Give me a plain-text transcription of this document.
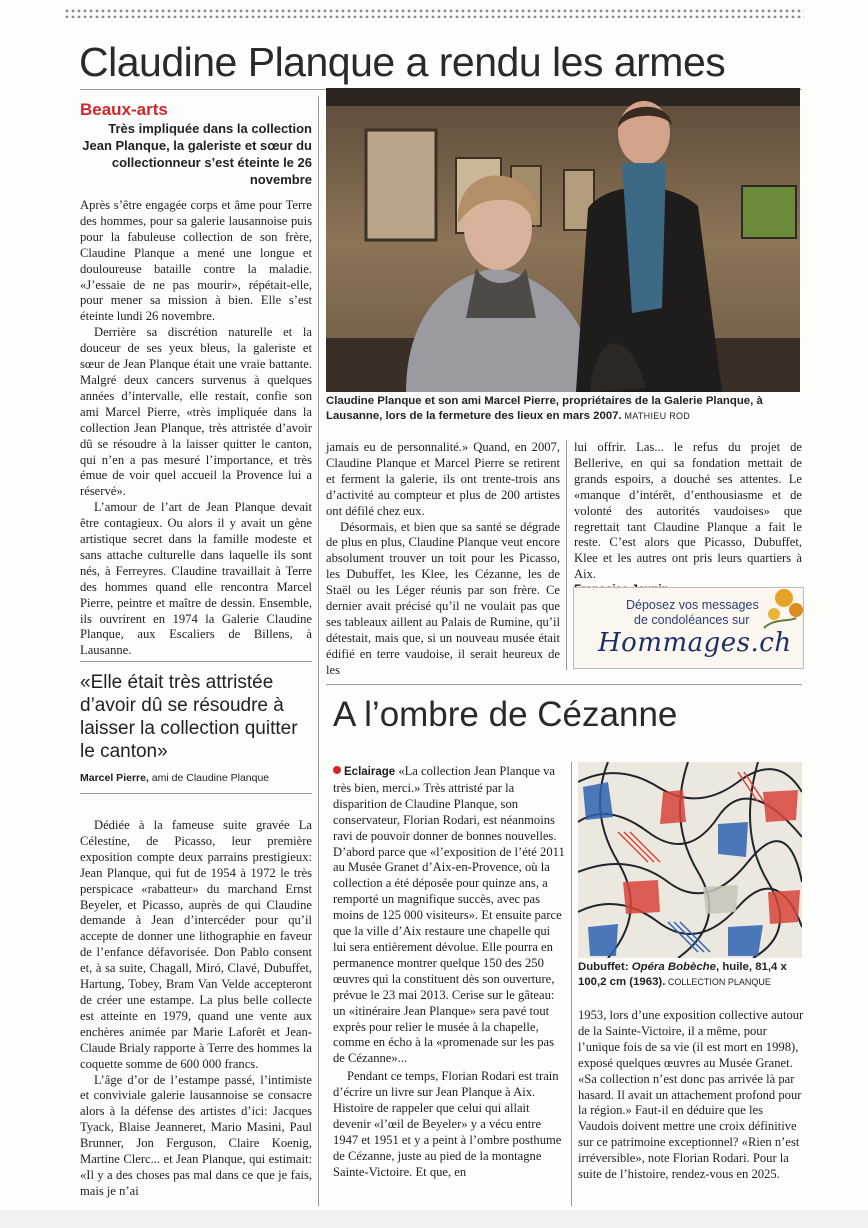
Claudine Planque a rendu les armes
Beaux-arts
Très impliquée dans la collection Jean Planque, la galeriste et sœur du collectionneur s’est éteinte le 26 novembre

Après s’être engagée corps et âme pour Terre des hommes, pour sa galerie lausannoise puis pour la fabuleuse collection de son frère, Claudine Planque a mené une longue et douloureuse bataille contre la maladie. «J’essaie de ne pas mourir», répétait-elle, pour mener sa mission à bien. Elle s’est éteinte lundi 26 novembre.

Derrière sa discrétion naturelle et la douceur de ses yeux bleus, la galeriste et sœur de Jean Planque était une vraie battante. Malgré deux cancers survenus à quelques années d’intervalle, elle restait, confie son ami Marcel Pierre, «très impliquée dans la collection Jean Planque, très attristée d’avoir dû se résoudre à la laisser quitter le canton, qui n’en a pas mesuré l’importance, et très émue de voir quel accueil la Provence lui a réservé».

L’amour de l’art de Jean Planque devait être contagieux. Ou alors il y avait un gène artistique secret dans la famille modeste et sans attache culturelle dans laquelle ils sont nés, à Ferreyres. Claudine travaillait à Terre des hommes quand elle rencontra Marcel Pierre, peintre et maître de dessin. Ensemble, ils ouvrirent en 1974 la Galerie Claudine Planque, aux Escaliers de Billens, à Lausanne.

«Elle était très attristée d’avoir dû se résoudre à laisser la collection quitter le canton»
Marcel Pierre, ami de Claudine Planque

Dédiée à la fameuse suite gravée La Célestine, de Picasso, leur première exposition compte deux parrains prestigieux: Jean Planque, qui fut de 1954 à 1972 le très perspicace «rabatteur» du marchand Ernst Beyeler, et Picasso, auprès de qui Claudine demande à Jean d’intercéder pour qu’il accepte de donner une lithographie en faveur de l’enfance défavorisée. Don Pablo consent et, à sa suite, Chagall, Miró, Clavé, Dubuffet, Hartung, Tobey, Bram Van Velde accepteront de créer une estampe. La plus belle collecte est atteinte en 1979, quand une vente aux enchères animée par Marie Laforêt et Jean-Claude Brialy rapporte à Terre des hommes la coquette somme de 600 000 francs.

L’âge d’or de l’estampe passé, l’intimiste et conviviale galerie lausannoise se consacre alors à la défense des artistes d’ici: Jacques Tyack, Blaise Jeanneret, Mario Masini, Paul Brunner, Jon Ferguson, Claire Koenig, Martine Clerc... et Jean Planque, qui estimait: «Il y a des choses pas mal dans ce que je fais, mais je n’ai

Claudine Planque et son ami Marcel Pierre, propriétaires de la Galerie Planque, à Lausanne, lors de la fermeture des lieux en mars 2007. MATHIEU ROD

jamais eu de personnalité.» Quand, en 2007, Claudine Planque et Marcel Pierre se retirent et ferment la galerie, ils ont trente-trois ans d’activité au compteur et plus de 200 artistes ont défilé chez eux.

Désormais, et bien que sa santé se dégrade de plus en plus, Claudine Planque veut encore absolument trouver un toit pour les Picasso, les Dubuffet, les Klee, les Cézanne, les de Staël ou les Léger réunis par son frère. Ce dernier avait précisé qu’il ne voulait pas que ses tableaux aillent au Palais de Rumine, qu’il détestait, mais que, si un nouveau musée était édifié en terre vaudoise, il serait heureux de les

lui offrir. Las... le refus du projet de Bellerive, en qui sa fondation mettait de grands espoirs, a douché ses attentes. Le «manque d’intérêt, d’enthousiasme et de volonté des autorités vaudoises» que regrettait tant Claudine Planque a fait le reste. C’est alors que Picasso, Dubuffet, Klee et les autres ont pris leurs quartiers à Aix.

Déposez vos messages
de condoléances sur
Hommages.ch
A l’ombre de Cézanne

Eclairage «La collection Jean Planque va très bien, merci.» Très attristé par la disparition de Claudine Planque, son conservateur, Florian Rodari, est néanmoins ravi de pouvoir donner de bonnes nouvelles. D’abord parce que «l’exposition de l’été 2011 au Musée Granet d’Aix-en-Provence, où la collection a été déposée pour quinze ans, a remporté un magnifique succès, avec pas moins de 125 000 visiteurs». Et ensuite parce que la ville d’Aix restaure une chapelle qui lui sera entièrement dévolue. Elle pourra en permanence montrer quelque 150 des 250 œuvres qui la constituent dès son ouverture, prévue le 23 mai 2013. Cerise sur le gâteau: un «itinéraire Jean Planque» sera pavé tout exprès pour relier le musée à la chapelle, comme en écho à la «promenade sur les pas de Cézanne»...

Pendant ce temps, Florian Rodari est train d’écrire un livre sur Jean Planque à Aix. Histoire de rappeler que celui qui allait devenir «l’œil de Beyeler» y a vécu entre 1947 et 1951 et y a peint à l’ombre posthume de Cézanne, juste au pied de la montagne Sainte-Victoire. Et que, en

Dubuffet: Opéra Bobèche, huile, 81,4 x 100,2 cm (1963). COLLECTION PLANQUE

1953, lors d’une exposition collective autour de la Sainte-Victoire, il a même, pour l’unique fois de sa vie (il est mort en 1998), exposé quelques œuvres au Musée Granet. «Sa collection n’est donc pas arrivée là par hasard. Il avait un attachement profond pour la région.» Faut-il en déduire que les Vaudois doivent mettre une croix définitive sur ce patrimoine exceptionnel? «Rien n’est irréversible», note Florian Rodari. Pour la suite de l’histoire, rendez-vous en 2025.
